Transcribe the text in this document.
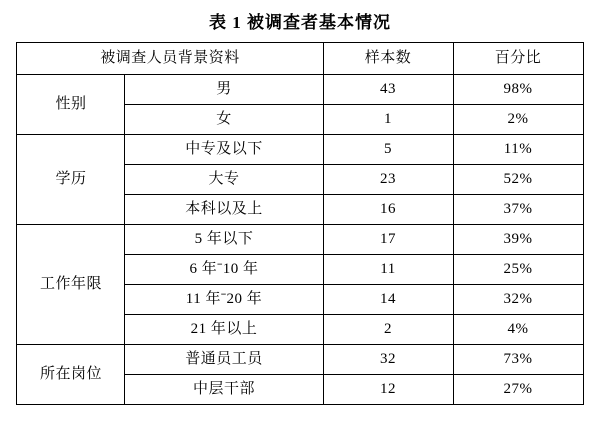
表 1 被调查者基本情况
被调查人员背景资料		样本数	百分比
性别	男	43	98%
	女	1	2%
学历	中专及以下	5	11%
	大专	23	52%
	本科以及上	16	37%
工作年限	5 年以下	17	39%
	6 年ˉ10 年	11	25%
	11 年ˉ20 年	14	32%
	21 年以上	2	4%
所在岗位	普通员工员	32	73%
	中层干部	12	27%
